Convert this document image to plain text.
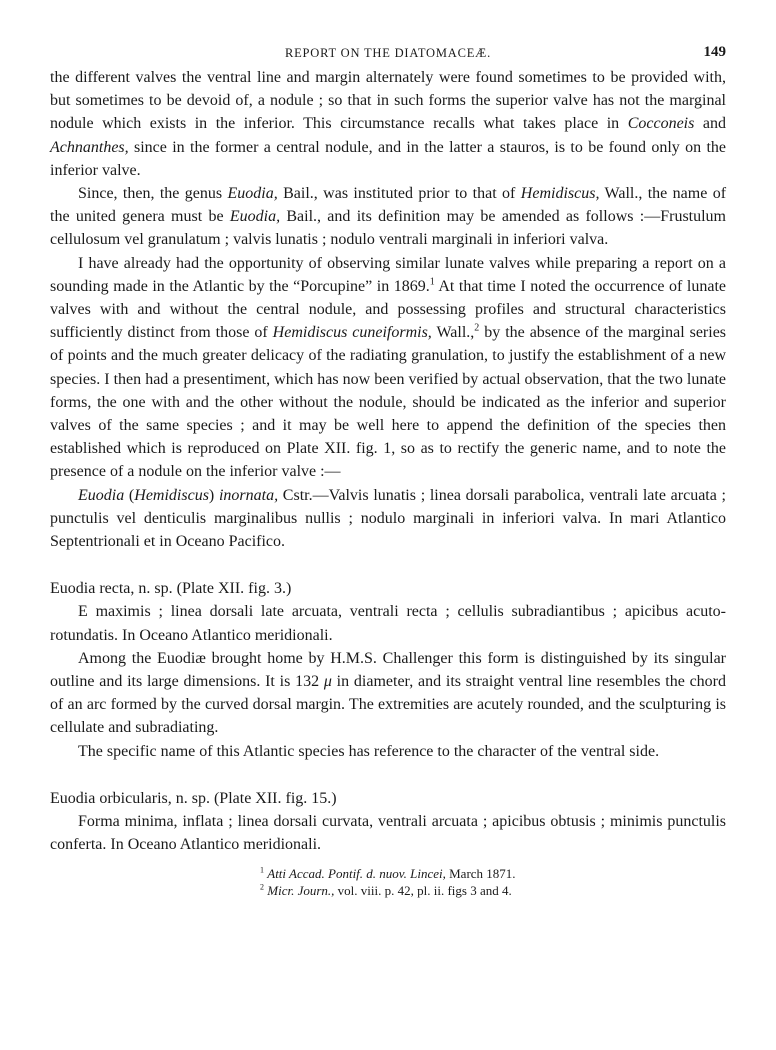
REPORT ON THE DIATOMACEÆ.	149

the different valves the ventral line and margin alternately were found sometimes to be provided with, but sometimes to be devoid of, a nodule ; so that in such forms the superior valve has not the marginal nodule which exists in the inferior. This circumstance recalls what takes place in Cocconeis and Achnanthes, since in the former a central nodule, and in the latter a stauros, is to be found only on the inferior valve.

Since, then, the genus Euodia, Bail., was instituted prior to that of Hemidiscus, Wall., the name of the united genera must be Euodia, Bail., and its definition may be amended as follows :—Frustulum cellulosum vel granulatum ; valvis lunatis ; nodulo ventrali marginali in inferiori valva.

I have already had the opportunity of observing similar lunate valves while preparing a report on a sounding made in the Atlantic by the “Porcupine” in 1869.$^1$ At that time I noted the occurrence of lunate valves with and without the central nodule, and possessing profiles and structural characteristics sufficiently distinct from those of Hemidiscus cuneiformis, Wall.,$^2$ by the absence of the marginal series of points and the much greater delicacy of the radiating granulation, to justify the establishment of a new species. I then had a presentiment, which has now been verified by actual observation, that the two lunate forms, the one with and the other without the nodule, should be indicated as the inferior and superior valves of the same species ; and it may be well here to append the definition of the species then established which is reproduced on Plate XII. fig. 1, so as to rectify the generic name, and to note the presence of a nodule on the inferior valve :—

Euodia (Hemidiscus) inornata, Cstr.—Valvis lunatis ; linea dorsali parabolica, ventrali late arcuata ; punctulis vel denticulis marginalibus nullis ; nodulo marginali in inferiori valva. In mari Atlantico Septentrionali et in Oceano Pacifico.

Euodia recta, n. sp. (Plate XII. fig. 3.)

E maximis ; linea dorsali late arcuata, ventrali recta ; cellulis subradiantibus ; apicibus acuto-rotundatis. In Oceano Atlantico meridionali.

Among the Euodiæ brought home by H.M.S. Challenger this form is distinguished by its singular outline and its large dimensions. It is 132 μ in diameter, and its straight ventral line resembles the chord of an arc formed by the curved dorsal margin. The extremities are acutely rounded, and the sculpturing is cellulate and subradiating.

The specific name of this Atlantic species has reference to the character of the ventral side.

Euodia orbicularis, n. sp. (Plate XII. fig. 15.)

Forma minima, inflata ; linea dorsali curvata, ventrali arcuata ; apicibus obtusis ; minimis punctulis conferta. In Oceano Atlantico meridionali.

$^1$ Atti Accad. Pontif. d. nuov. Lincei, March 1871.
$^2$ Micr. Journ., vol. viii. p. 42, pl. ii. figs 3 and 4.
